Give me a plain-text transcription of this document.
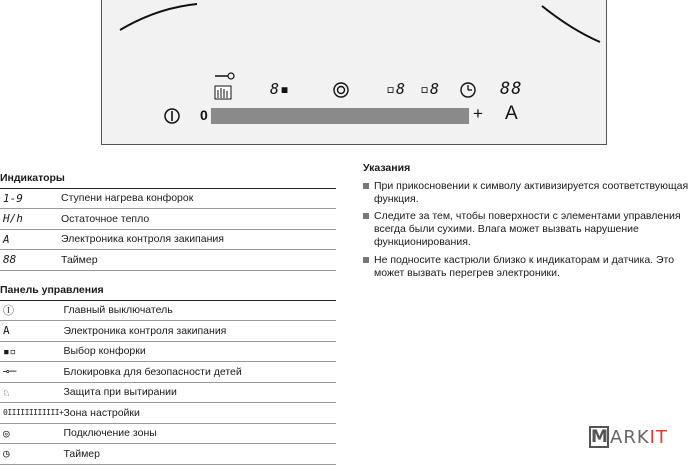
8▪	▫8 ▫8	88
0	+ A
Индикаторы	
1-9	Ступени нагрева конфорок
H/h	Остаточное тепло
A	Электроника контроля закипания
88	Таймер
Панель управления	
Ⓘ	Главный выключатель
A	Электроника контроля закипания
▪▫	Выбор конфорки
⊸─	Блокировка для безопасности детей
♘	Защита при вытирании
0IIIIIIIIIIII+	Зона настройки
◎	Подключение зоны
◷	Таймер
Указания
При прикосновении к символу активизируется соответствующая функция.
Следите за тем, чтобы поверхности с элементами управления всегда были сухими. Влага может вызвать нарушение функционирования.
Не подносите кастрюли близко к индикаторам и датчика. Это может вызвать перегрев электроники.
M ARKIT
